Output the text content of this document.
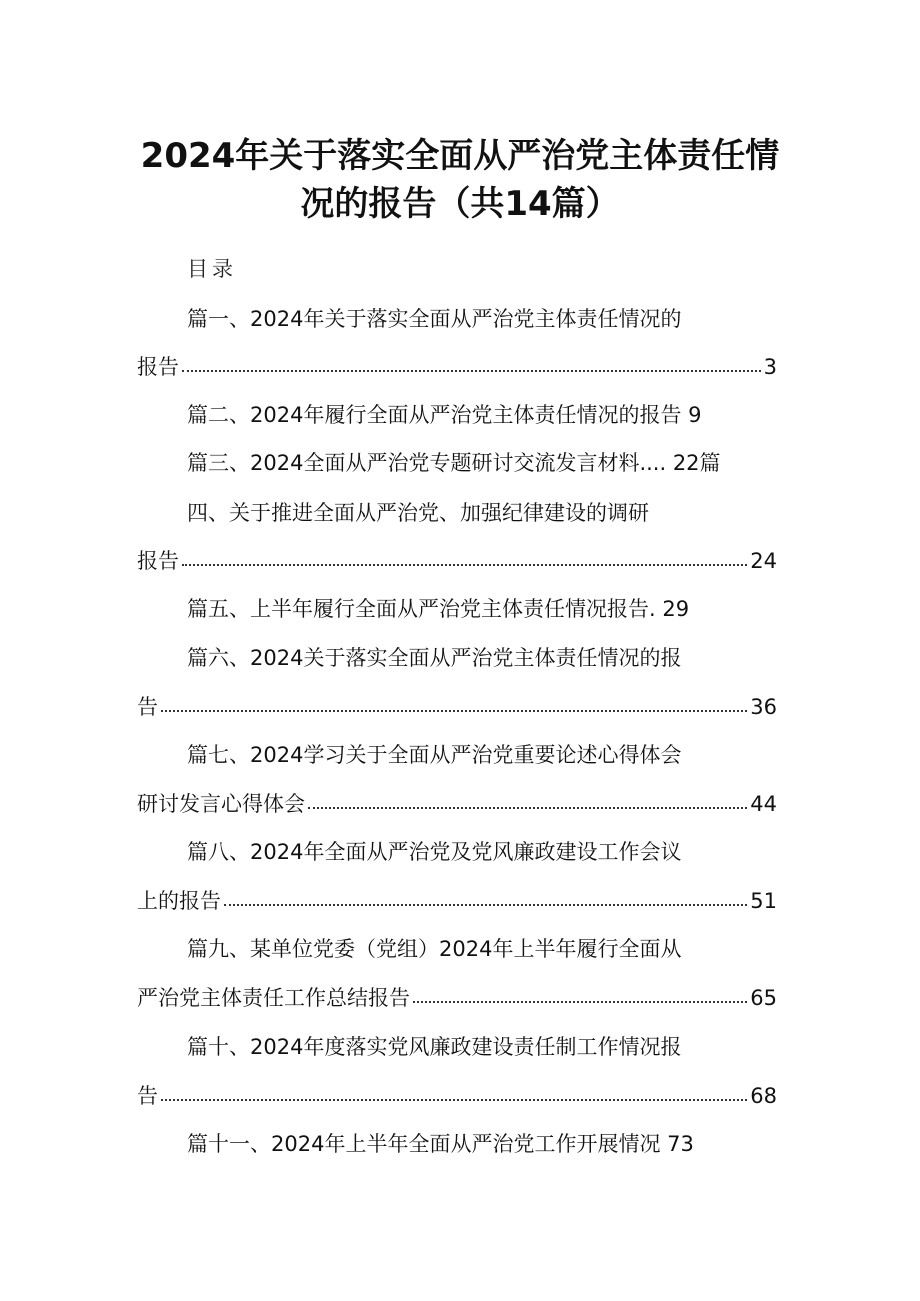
2024年关于落实全面从严治党主体责任情
况的报告（共14篇）
目录
篇一、2024年关于落实全面从严治党主体责任情况的
报告	3
篇二、2024年履行全面从严治党主体责任情况的报告 9
篇三、2024全面从严治党专题研讨交流发言材料.... 22篇
四、关于推进全面从严治党、加强纪律建设的调研
报告	24
篇五、上半年履行全面从严治党主体责任情况报告. 29
篇六、2024关于落实全面从严治党主体责任情况的报
告	36
篇七、2024学习关于全面从严治党重要论述心得体会
研讨发言心得体会	44
篇八、2024年全面从严治党及党风廉政建设工作会议
上的报告	51
篇九、某单位党委（党组）2024年上半年履行全面从
严治党主体责任工作总结报告	65
篇十、2024年度落实党风廉政建设责任制工作情况报
告	68
篇十一、2024年上半年全面从严治党工作开展情况 73
